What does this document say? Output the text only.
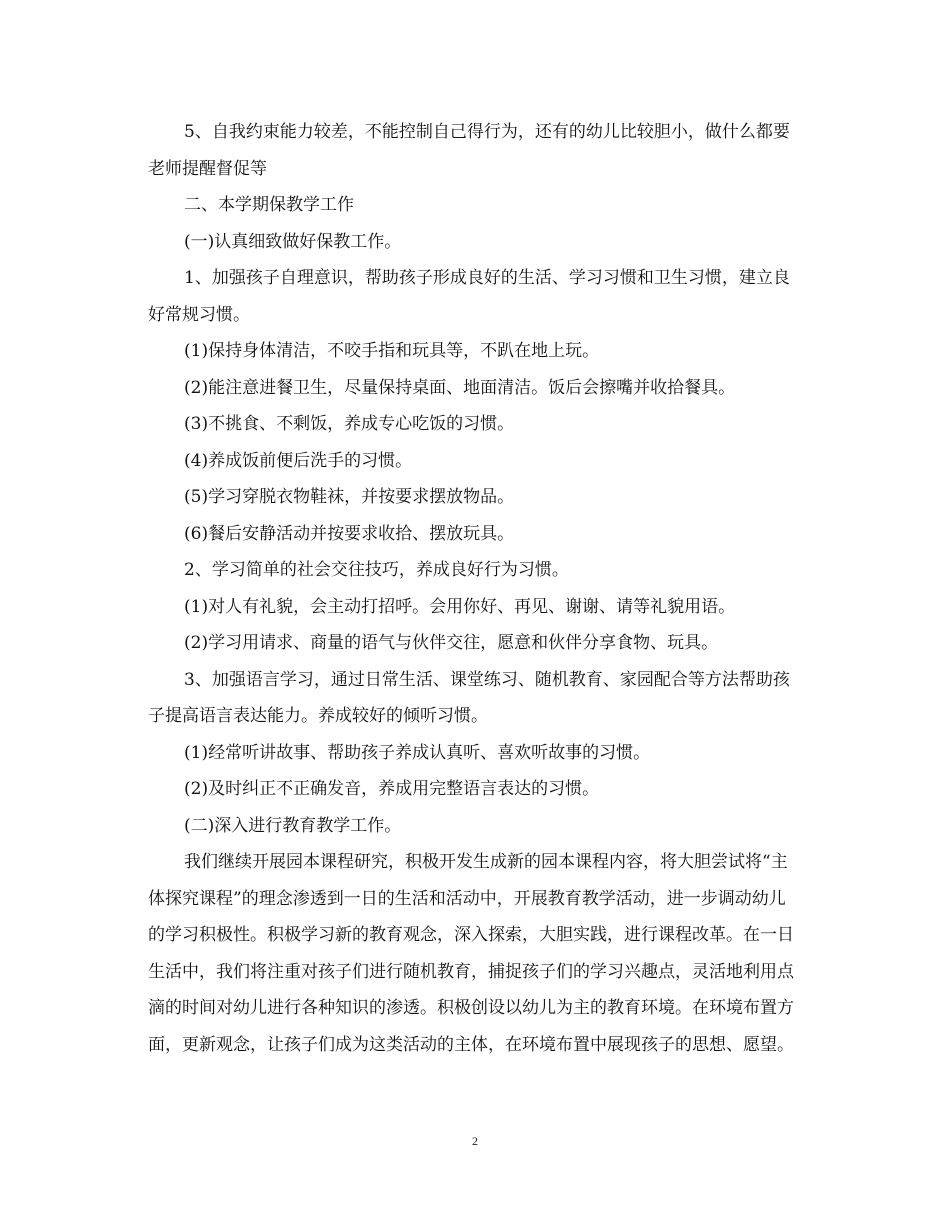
5、自我约束能力较差，不能控制自己得行为，还有的幼儿比较胆小，做什么都要老师提醒督促等

二、本学期保教学工作

(一)认真细致做好保教工作。

1、加强孩子自理意识，帮助孩子形成良好的生活、学习习惯和卫生习惯，建立良好常规习惯。

(1)保持身体清洁，不咬手指和玩具等，不趴在地上玩。

(2)能注意进餐卫生，尽量保持桌面、地面清洁。饭后会擦嘴并收拾餐具。

(3)不挑食、不剩饭，养成专心吃饭的习惯。

(4)养成饭前便后洗手的习惯。

(5)学习穿脱衣物鞋袜，并按要求摆放物品。

(6)餐后安静活动并按要求收拾、摆放玩具。

2、学习简单的社会交往技巧，养成良好行为习惯。

(1)对人有礼貌，会主动打招呼。会用你好、再见、谢谢、请等礼貌用语。

(2)学习用请求、商量的语气与伙伴交往，愿意和伙伴分享食物、玩具。

3、加强语言学习，通过日常生活、课堂练习、随机教育、家园配合等方法帮助孩子提高语言表达能力。养成较好的倾听习惯。

(1)经常听讲故事、帮助孩子养成认真听、喜欢听故事的习惯。

(2)及时纠正不正确发音，养成用完整语言表达的习惯。

(二)深入进行教育教学工作。

我们继续开展园本课程研究，积极开发生成新的园本课程内容，将大胆尝试将“主体探究课程”的理念渗透到一日的生活和活动中，开展教育教学活动，进一步调动幼儿的学习积极性。积极学习新的教育观念，深入探索，大胆实践，进行课程改革。在一日生活中，我们将注重对孩子们进行随机教育，捕捉孩子们的学习兴趣点，灵活地利用点滴的时间对幼儿进行各种知识的渗透。积极创设以幼儿为主的教育环境。在环境布置方面，更新观念，让孩子们成为这类活动的主体，在环境布置中展现孩子的思想、愿望。

2
